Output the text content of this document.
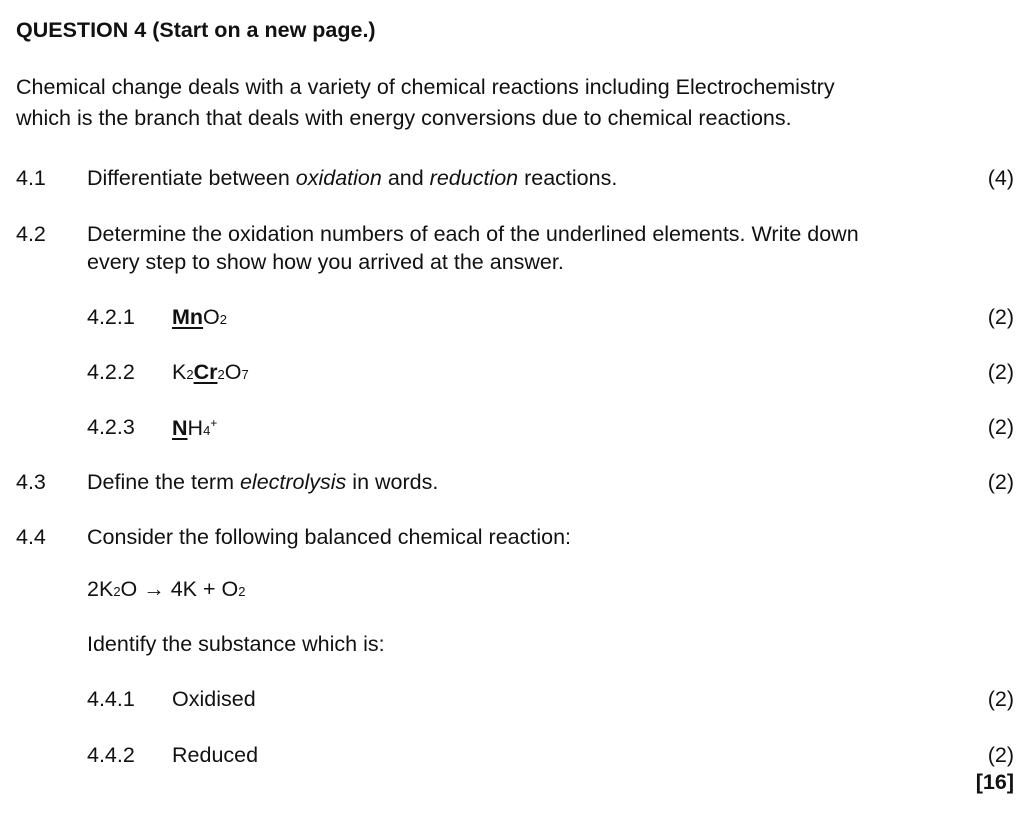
QUESTION 4 (Start on a new page.)
Chemical change deals with a variety of chemical reactions including Electrochemistry
which is the branch that deals with energy conversions due to chemical reactions.
4.1 Differentiate between oxidation and reduction reactions.	(4)
4.2 Determine the oxidation numbers of each of the underlined elements. Write down
every step to show how you arrived at the answer.
4.2.1 MnO2	(2)
4.2.2 K2Cr2O7	(2)
4.2.3 NH4+	(2)
4.3 Define the term electrolysis in words.	(2)
4.4 Consider the following balanced chemical reaction:
2K2O → 4K + O2
Identify the substance which is:
4.4.1 Oxidised	(2)
4.4.2 Reduced	(2)
[16]
